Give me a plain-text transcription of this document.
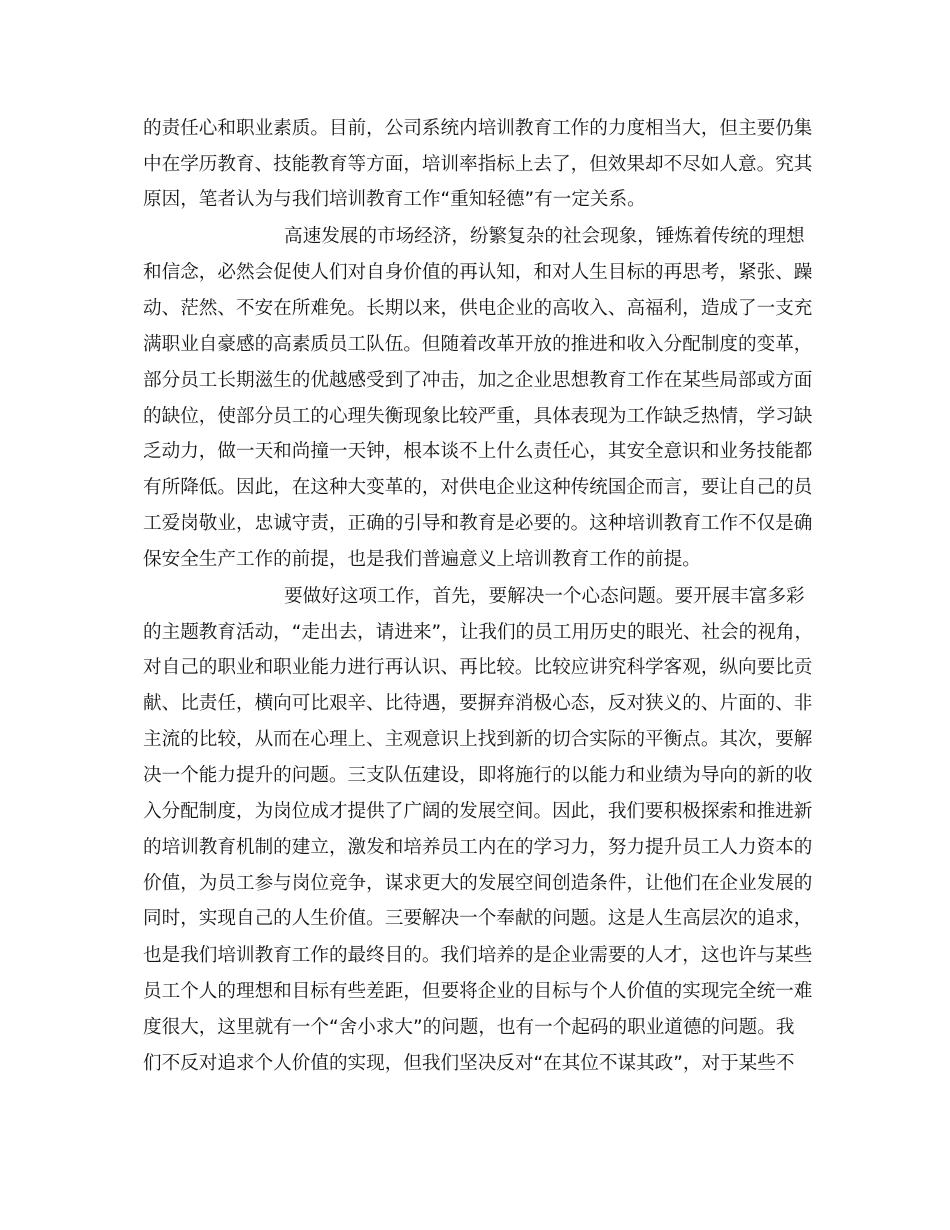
的责任心和职业素质。目前，公司系统内培训教育工作的力度相当大，但主要仍集
中在学历教育、技能教育等方面，培训率指标上去了，但效果却不尽如人意。究其
原因，笔者认为与我们培训教育工作“重知轻德”有一定关系。
高速发展的市场经济，纷繁复杂的社会现象，锤炼着传统的理想
和信念，必然会促使人们对自身价值的再认知，和对人生目标的再思考，紧张、躁
动、茫然、不安在所难免。长期以来，供电企业的高收入、高福利，造成了一支充
满职业自豪感的高素质员工队伍。但随着改革开放的推进和收入分配制度的变革，
部分员工长期滋生的优越感受到了冲击，加之企业思想教育工作在某些局部或方面
的缺位，使部分员工的心理失衡现象比较严重，具体表现为工作缺乏热情，学习缺
乏动力，做一天和尚撞一天钟，根本谈不上什么责任心，其安全意识和业务技能都
有所降低。因此，在这种大变革的，对供电企业这种传统国企而言，要让自己的员
工爱岗敬业，忠诚守责，正确的引导和教育是必要的。这种培训教育工作不仅是确
保安全生产工作的前提，也是我们普遍意义上培训教育工作的前提。
要做好这项工作，首先，要解决一个心态问题。要开展丰富多彩
的主题教育活动，“走出去，请进来”，让我们的员工用历史的眼光、社会的视角，
对自己的职业和职业能力进行再认识、再比较。比较应讲究科学客观，纵向要比贡
献、比责任，横向可比艰辛、比待遇，要摒弃消极心态，反对狭义的、片面的、非
主流的比较，从而在心理上、主观意识上找到新的切合实际的平衡点。其次，要解
决一个能力提升的问题。三支队伍建设，即将施行的以能力和业绩为导向的新的收
入分配制度，为岗位成才提供了广阔的发展空间。因此，我们要积极探索和推进新
的培训教育机制的建立，激发和培养员工内在的学习力，努力提升员工人力资本的
价值，为员工参与岗位竞争，谋求更大的发展空间创造条件，让他们在企业发展的
同时，实现自己的人生价值。三要解决一个奉献的问题。这是人生高层次的追求，
也是我们培训教育工作的最终目的。我们培养的是企业需要的人才，这也许与某些
员工个人的理想和目标有些差距，但要将企业的目标与个人价值的实现完全统一难
度很大，这里就有一个“舍小求大”的问题，也有一个起码的职业道德的问题。我
们不反对追求个人价值的实现，但我们坚决反对“在其位不谋其政”，对于某些不
